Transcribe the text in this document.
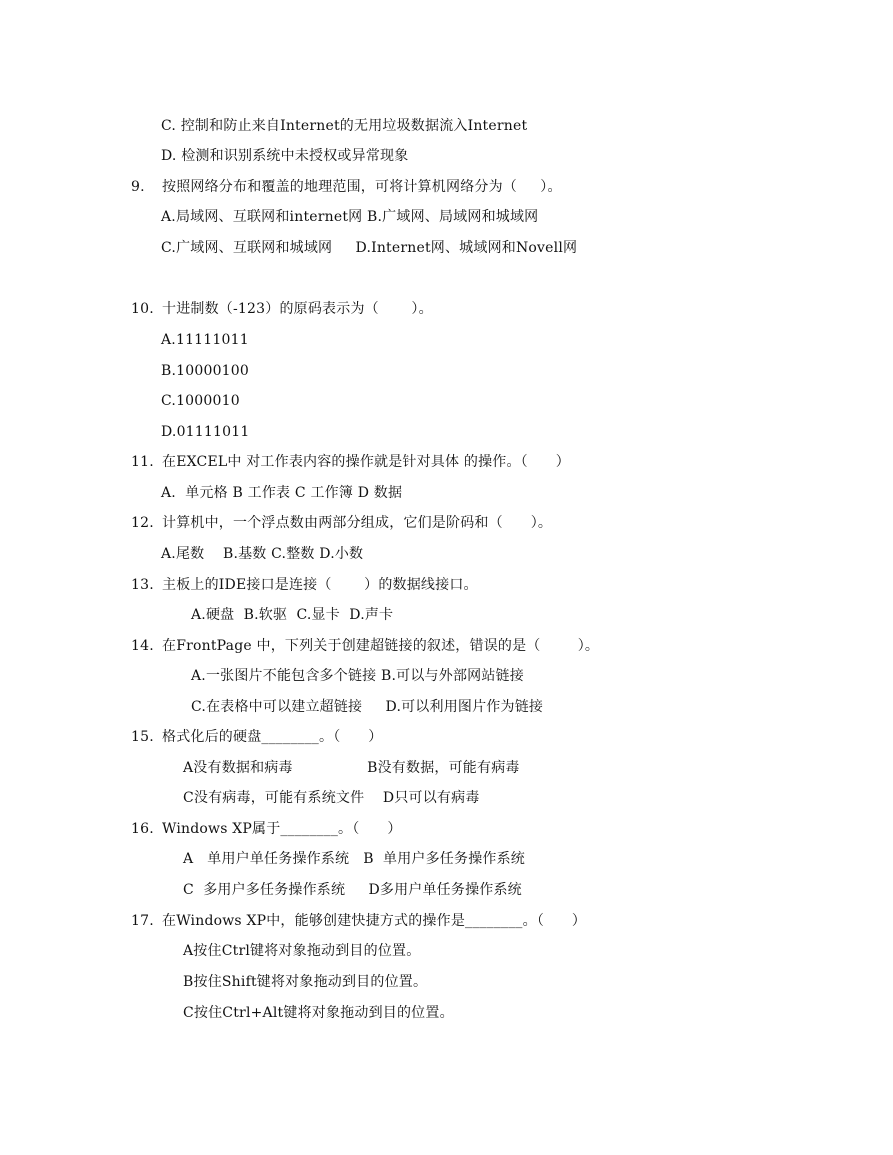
C. 控制和防止来自Internet的无用垃圾数据流入Internet
D. 检测和识别系统中未授权或异常现象
9. 按照网络分布和覆盖的地理范围，可将计算机网络分为（     ）。
A.局域网、互联网和internet网 B.广域网、局域网和城域网
C.广域网、互联网和城域网     D.Internet网、城域网和Novell网
10. 十进制数（-123）的原码表示为（       ）。
A.11111011
B.10000100
C.1000010
D.01111011
11. 在EXCEL中 对工作表内容的操作就是针对具体 的操作。（      ）
A.  单元格 B 工作表 C 工作簿 D 数据
12. 计算机中，一个浮点数由两部分组成，它们是阶码和（      ）。
A.尾数    B.基数 C.整数 D.小数
13. 主板上的IDE接口是连接（       ）的数据线接口。
A.硬盘  B.软驱  C.显卡  D.声卡
14. 在FrontPage 中，下列关于创建超链接的叙述，错误的是（        ）。
A.一张图片不能包含多个链接 B.可以与外部网站链接
C.在表格中可以建立超链接     D.可以利用图片作为链接
15. 格式化后的硬盘________。（      ）
A没有数据和病毒                B没有数据，可能有病毒
C没有病毒，可能有系统文件    D只可以有病毒
16. Windows XP属于________。（      ）
A   单用户单任务操作系统   B  单用户多任务操作系统
C  多用户多任务操作系统     D多用户单任务操作系统
17. 在Windows XP中，能够创建快捷方式的操作是________。（      ）
A按住Ctrl键将对象拖动到目的位置。
B按住Shift键将对象拖动到目的位置。
C按住Ctrl+Alt键将对象拖动到目的位置。
